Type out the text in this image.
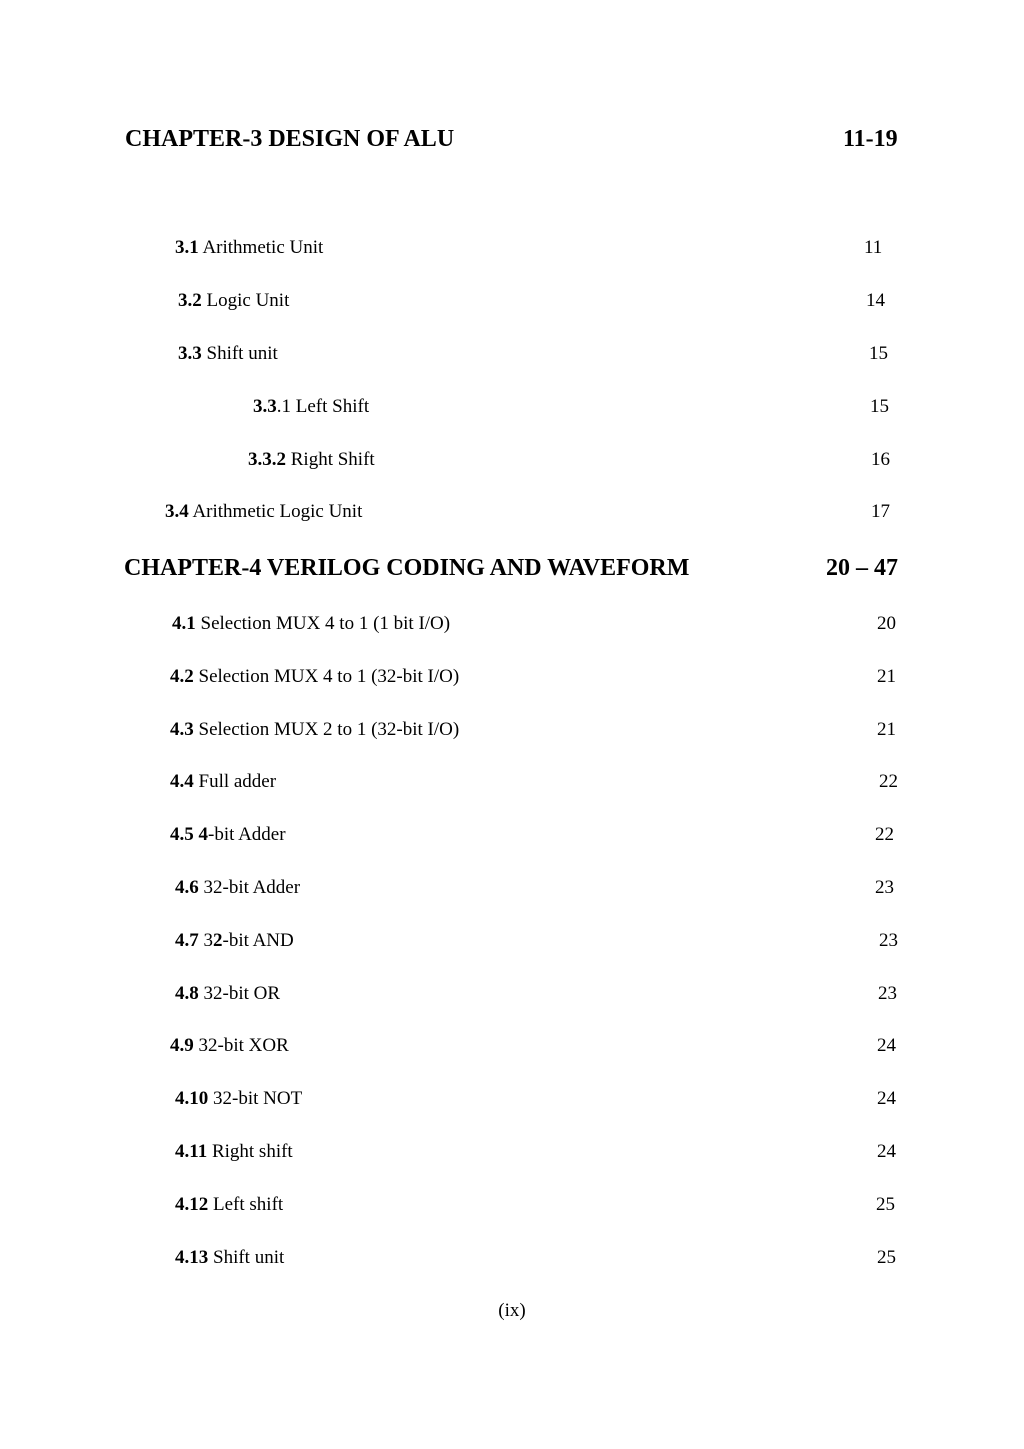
CHAPTER-3 DESIGN OF ALU	11-19
3.1 Arithmetic Unit	11
3.2 Logic Unit	14
3.3 Shift unit	15
3.3.1 Left Shift	15
3.3.2 Right Shift	16
3.4 Arithmetic Logic Unit	17
CHAPTER-4 VERILOG CODING AND WAVEFORM	20 – 47
4.1 Selection MUX 4 to 1 (1 bit I/O)	20
4.2 Selection MUX 4 to 1 (32-bit I/O)	21
4.3 Selection MUX 2 to 1 (32-bit I/O)	21
4.4 Full adder	22
4.5 4-bit Adder	22
4.6 32-bit Adder	23
4.7 32-bit AND	23
4.8 32-bit OR	23
4.9 32-bit XOR	24
4.10 32-bit NOT	24
4.11 Right shift	24
4.12 Left shift	25
4.13 Shift unit	25
(ix)
